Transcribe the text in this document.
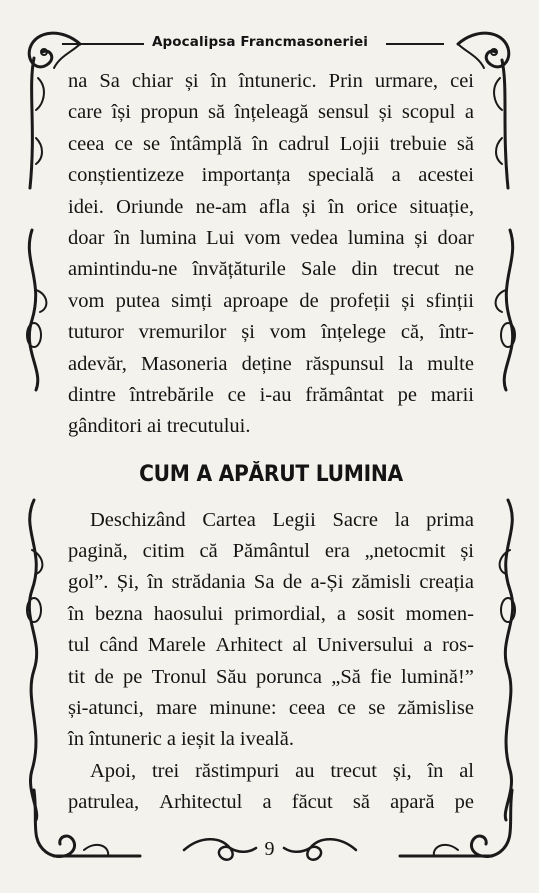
Apocalipsa Francmasoneriei
na Sa chiar și în întuneric. Prin urmare, cei
care își propun să înțeleagă sensul și scopul a
ceea ce se întâmplă în cadrul Lojii trebuie să
conștientizeze importanța specială a acestei
idei. Oriunde ne-am afla și în orice situație,
doar în lumina Lui vom vedea lumina și doar
amintindu-ne învățăturile Sale din trecut ne
vom putea simți aproape de profeții și sfinții
tuturor vremurilor și vom înțelege că, într-
adevăr, Masoneria deține răspunsul la multe
dintre întrebările ce i-au frământat pe marii
gânditori ai trecutului.
CUM A APĂRUT LUMINA
Deschizând Cartea Legii Sacre la prima
pagină, citim că Pământul era „netocmit și
gol”. Și, în strădania Sa de a-Și zămisli creația
în bezna haosului primordial, a sosit momen-
tul când Marele Arhitect al Universului a ros-
tit de pe Tronul Său porunca „Să fie lumină!”
și-atunci, mare minune: ceea ce se zămislise
în întuneric a ieșit la iveală.
Apoi, trei răstimpuri au trecut și, în al
patrulea, Arhitectul a făcut să apară pe
9
